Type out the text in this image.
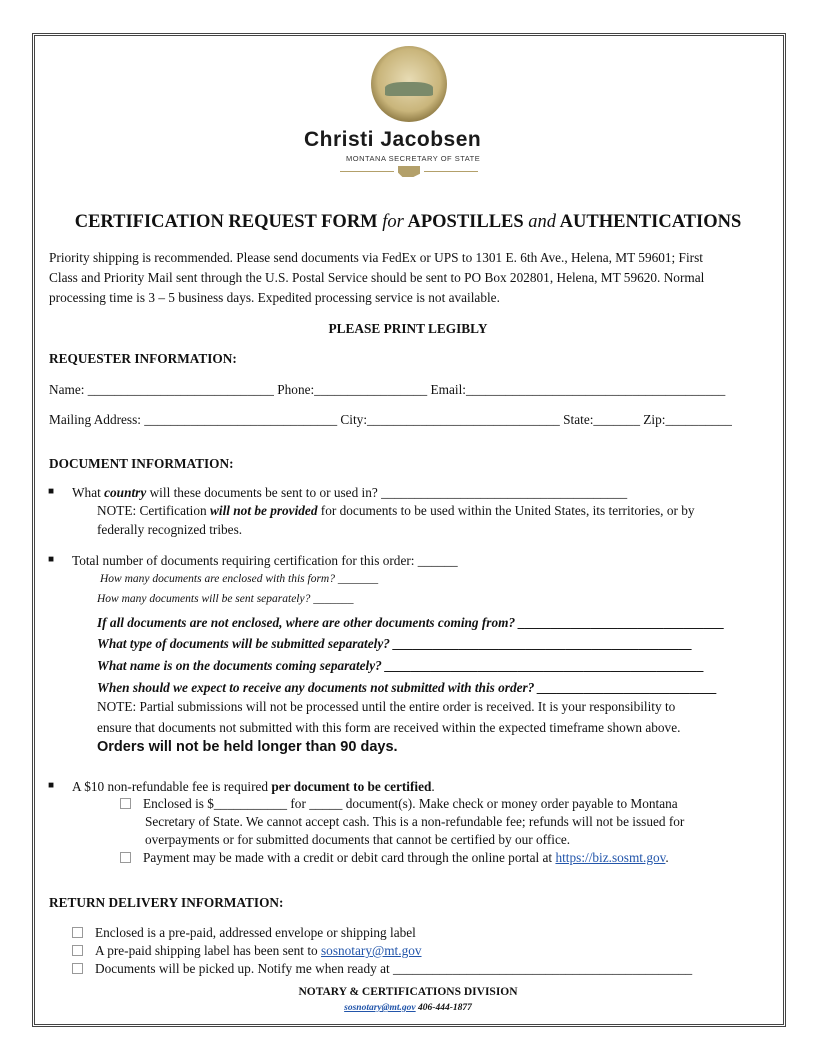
Christi Jacobsen
MONTANA SECRETARY OF STATE
CERTIFICATION REQUEST FORM for APOSTILLES and AUTHENTICATIONS
Priority shipping is recommended. Please send documents via FedEx or UPS to 1301 E. 6th Ave., Helena, MT 59601; First
Class and Priority Mail sent through the U.S. Postal Service should be sent to PO Box 202801, Helena, MT 59620. Normal
processing time is 3 – 5 business days. Expedited processing service is not available.
PLEASE PRINT LEGIBLY
REQUESTER INFORMATION:
Name: ____________________________ Phone:_________________ Email:_______________________________________
Mailing Address: _____________________________ City:_____________________________ State:_______ Zip:__________
DOCUMENT INFORMATION:
■ What country will these documents be sent to or used in? _____________________________________
NOTE: Certification will not be provided for documents to be used within the United States, its territories, or by
federally recognized tribes.
■ Total number of documents requiring certification for this order: ______
How many documents are enclosed with this form? _______
How many documents will be sent separately? _______
If all documents are not enclosed, where are other documents coming from? _______________________________
What type of documents will be submitted separately? _____________________________________________
What name is on the documents coming separately? ________________________________________________
When should we expect to receive any documents not submitted with this order? ___________________________
NOTE: Partial submissions will not be processed until the entire order is received. It is your responsibility to
ensure that documents not submitted with this form are received within the expected timeframe shown above.
Orders will not be held longer than 90 days.
■ A $10 non-refundable fee is required per document to be certified.
Enclosed is $___________ for _____ document(s). Make check or money order payable to Montana
Secretary of State. We cannot accept cash. This is a non-refundable fee; refunds will not be issued for
overpayments or for submitted documents that cannot be certified by our office.
Payment may be made with a credit or debit card through the online portal at https://biz.sosmt.gov.
RETURN DELIVERY INFORMATION:
Enclosed is a pre-paid, addressed envelope or shipping label
A pre-paid shipping label has been sent to sosnotary@mt.gov
Documents will be picked up. Notify me when ready at _____________________________________________
NOTARY & CERTIFICATIONS DIVISION
sosnotary@mt.gov 406-444-1877
